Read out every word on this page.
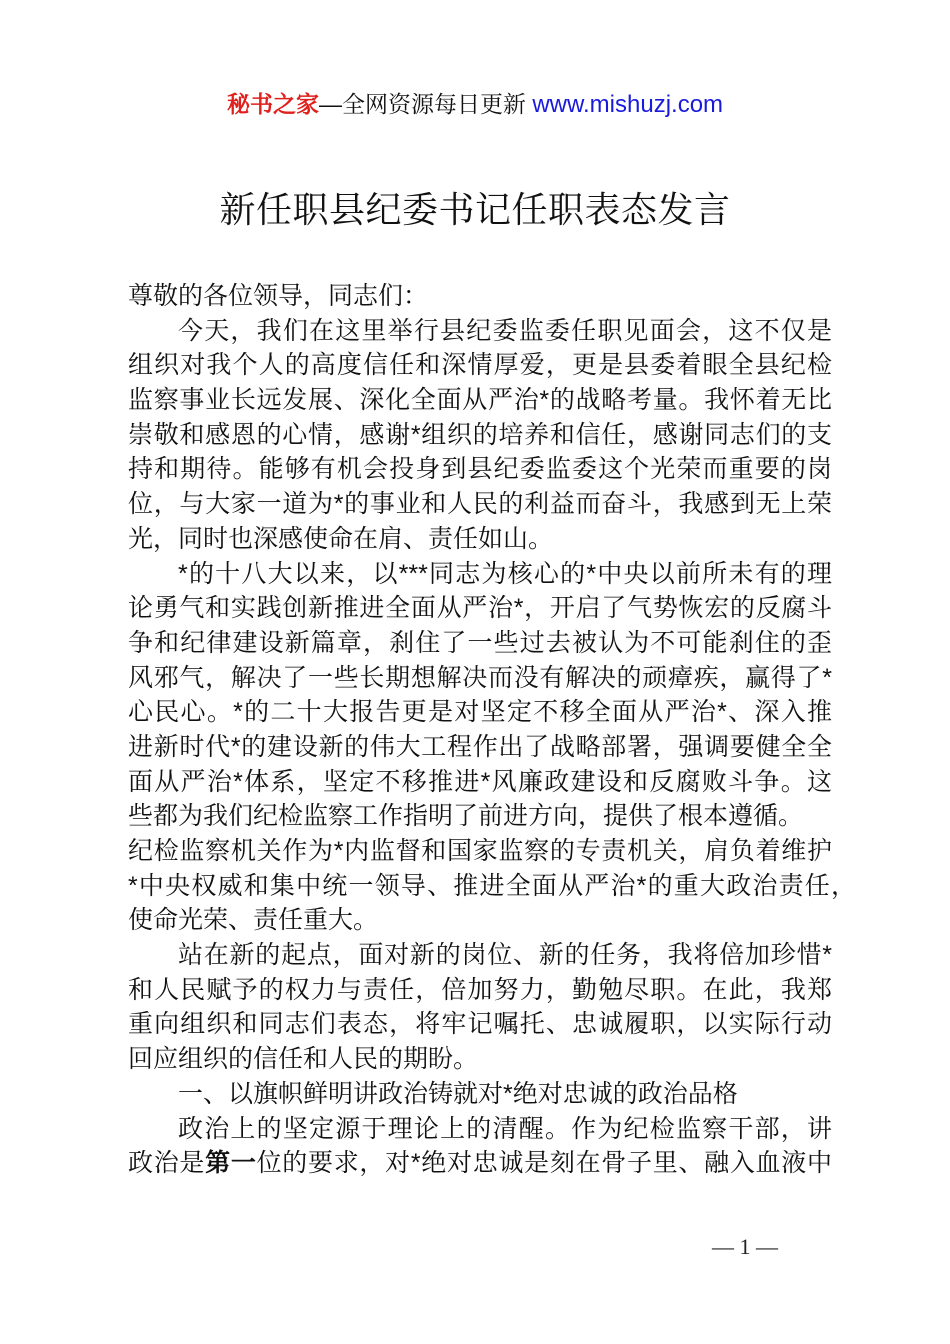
秘书之家—全网资源每日更新 www.mishuzj.com
新任职县纪委书记任职表态发言
尊敬的各位领导，同志们：
今天，我们在这里举行县纪委监委任职见面会，这不仅是
组织对我个人的高度信任和深情厚爱，更是县委着眼全县纪检
监察事业长远发展、深化全面从严治*的战略考量。我怀着无比
崇敬和感恩的心情，感谢*组织的培养和信任，感谢同志们的支
持和期待。能够有机会投身到县纪委监委这个光荣而重要的岗
位，与大家一道为*的事业和人民的利益而奋斗，我感到无上荣
光，同时也深感使命在肩、责任如山。
*的十八大以来，以***同志为核心的*中央以前所未有的理
论勇气和实践创新推进全面从严治*，开启了气势恢宏的反腐斗
争和纪律建设新篇章，刹住了一些过去被认为不可能刹住的歪
风邪气，解决了一些长期想解决而没有解决的顽瘴疾，赢得了*
心民心。*的二十大报告更是对坚定不移全面从严治*、深入推
进新时代*的建设新的伟大工程作出了战略部署，强调要健全全
面从严治*体系，坚定不移推进*风廉政建设和反腐败斗争。这
些都为我们纪检监察工作指明了前进方向，提供了根本遵循。
纪检监察机关作为*内监督和国家监察的专责机关，肩负着维护
*中央权威和集中统一领导、推进全面从严治*的重大政治责任，
使命光荣、责任重大。
站在新的起点，面对新的岗位、新的任务，我将倍加珍惜*
和人民赋予的权力与责任，倍加努力，勤勉尽职。在此，我郑
重向组织和同志们表态，将牢记嘱托、忠诚履职，以实际行动
回应组织的信任和人民的期盼。
一、以旗帜鲜明讲政治铸就对*绝对忠诚的政治品格
政治上的坚定源于理论上的清醒。作为纪检监察干部，讲
政治是第一位的要求，对*绝对忠诚是刻在骨子里、融入血液中
— 1 —
